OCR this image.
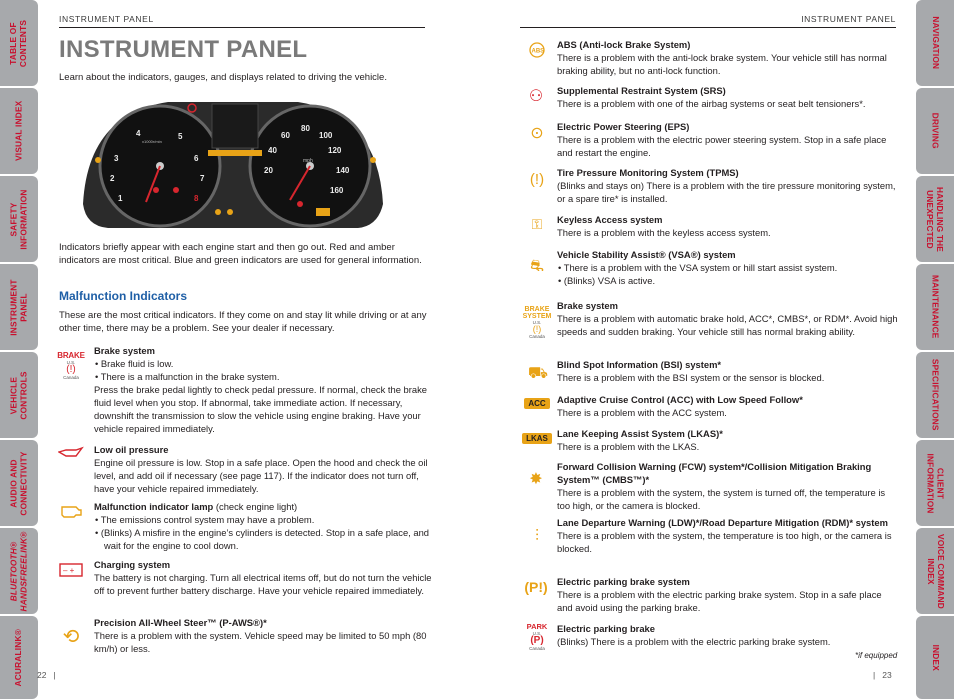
TABLE OF
CONTENTS
VISUAL INDEX
SAFETY
INFORMATION
INSTRUMENT
PANEL
VEHICLE
CONTROLS
AUDIO AND
CONNECTIVITY
BLUETOOTH®
HANDSFREELINK®
ACURALINK®
NAVIGATION
DRIVING
HANDLING THE
UNEXPECTED
MAINTENANCE
SPECIFICATIONS
CLIENT
INFORMATION
VOICE COMMAND
INDEX
INDEX
INSTRUMENT PANEL	INSTRUMENT PANEL
INSTRUMENT PANEL
Learn about the indicators, gauges, and displays related to driving the vehicle.
x1000r/min
mph
1
2
3
4	5
6
7
8
20
40
60
80
100
120
140
160
Indicators briefly appear with each engine start and then go out. Red and amber indicators are most critical. Blue and green indicators are used for general information.
Malfunction Indicators
These are the most critical indicators. If they come on and stay lit while driving or at any other time, there may be a problem. See your dealer if necessary.
BRAKE
U.S.
(!)
Canada
Brake system
• Brake fluid is low.
• There is a malfunction in the brake system.
Press the brake pedal lightly to check pedal pressure. If normal, check the brake fluid level when you stop. If abnormal, take immediate action. If necessary, downshift the transmission to slow the vehicle using engine braking. Have your vehicle repaired immediately.
Low oil pressure
Engine oil pressure is low. Stop in a safe place. Open the hood and check the oil level, and add oil if necessary (see page 117). If the indicator does not turn off, have your vehicle repaired immediately.
Malfunction indicator lamp (check engine light)
• The emissions control system may have a problem.
• (Blinks) A misfire in the engine’s cylinders is detected. Stop in a safe place, and wait for the engine to cool down.
– +
Charging system
The battery is not charging. Turn all electrical items off, but do not turn the vehicle off to prevent further battery discharge. Have your vehicle repaired immediately.
⟲
Precision All-Wheel Steer™ (P-AWS®)*
There is a problem with the system. Vehicle speed may be limited to 50 mph (80 km/h) or less.
ABS
ABS (Anti-lock Brake System)
There is a problem with the anti-lock brake system. Your vehicle still has normal braking ability, but no anti-lock function.
⚇	Supplemental Restraint System (SRS)
There is a problem with one of the airbag systems or seat belt tensioners*.
⊙	Electric Power Steering (EPS)
There is a problem with the electric power steering system. Stop in a safe place and restart the engine.
(!)	Tire Pressure Monitoring System (TPMS)
(Blinks and stays on) There is a problem with the tire pressure monitoring system, or a spare tire* is installed.
⚿	Keyless Access system
There is a problem with the keyless access system.
⛐
Vehicle Stability Assist® (VSA®) system
• There is a problem with the VSA system or hill start assist system.
• (Blinks) VSA is active.
BRAKE
SYSTEM
U.S.
(!)
Canada
Brake system
There is a problem with automatic brake hold, ACC*, CMBS*, or RDM*. Avoid high speeds and sudden braking. Your vehicle still has normal braking ability.
⛟
Blind Spot Information (BSI) system*
There is a problem with the BSI system or the sensor is blocked.
ACC	Adaptive Cruise Control (ACC) with Low Speed Follow*
There is a problem with the ACC system.
LKAS Lane Keeping Assist System (LKAS)*
There is a problem with the LKAS.
✸
Forward Collision Warning (FCW) system*/Collision Mitigation Braking System™ (CMBS™)*
There is a problem with the system, the system is turned off, the temperature is too high, or the camera is blocked.
⫶
Lane Departure Warning (LDW)*/Road Departure Mitigation (RDM)* system
There is a problem with the system, the temperature is too high, or the camera is blocked.
(P!) Electric parking brake system
There is a problem with the electric parking brake system. Stop in a safe place and avoid using the parking brake.
PARK
U.S.
(P)
Canada
Electric parking brake
(Blinks) There is a problem with the electric parking brake system.
*if equipped
22   |	|   23
